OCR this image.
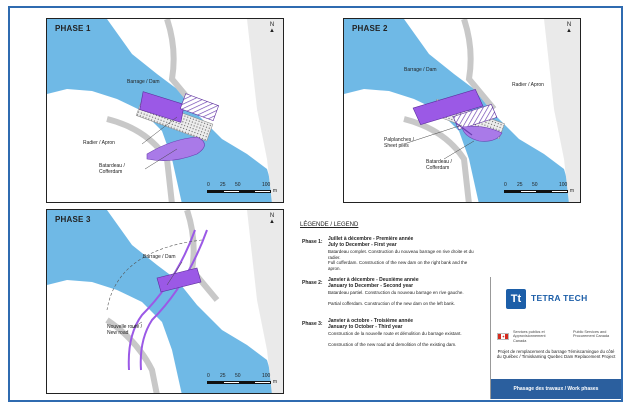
PHASE 1	N
▲
Barrage / Dam
Radier / Apron
Batardeau /
Cofferdam
0 25 50	100
m
PHASE 2	N
▲
Barrage / Dam
Radier / Apron
Palplanches /
Sheet piles
Batardeau /
Cofferdam
0 25 50	100
m
PHASE 3	N
▲
Barrage / Dam
Nouvelle route /
New road
0 25 50	100
m
LÉGENDE / LEGEND
Phase 1: Juillet à décembre - Première année
July to December - First year
Batardeau complet. Construction du nouveau barrage en rive droite et du radier.
Full cofferdam. Construction of the new dam on the right bank and the apron.
Phase 2: Janvier à décembre - Deuxième année
January to December - Second year
Batardeau partiel. Construction du nouveau barrage en rive gauche.
Partial cofferdam. Construction of the new dam on the left bank.
Phase 3: Janvier à octobre - Troisième année
January to October - Third year
Construction de la nouvelle route et démolition du barrage existant.
Construction of the new road and demolition of the existing dam.
Tt	TETRA TECH
✦
Services publics et Approvisionnement Canada
Public Services and Procurement Canada
Projet de remplacement du barrage Témiscamingue du côté du Québec / Timiskaming Quebec Dam Replacement Project
Phasage des travaux / Work phases
